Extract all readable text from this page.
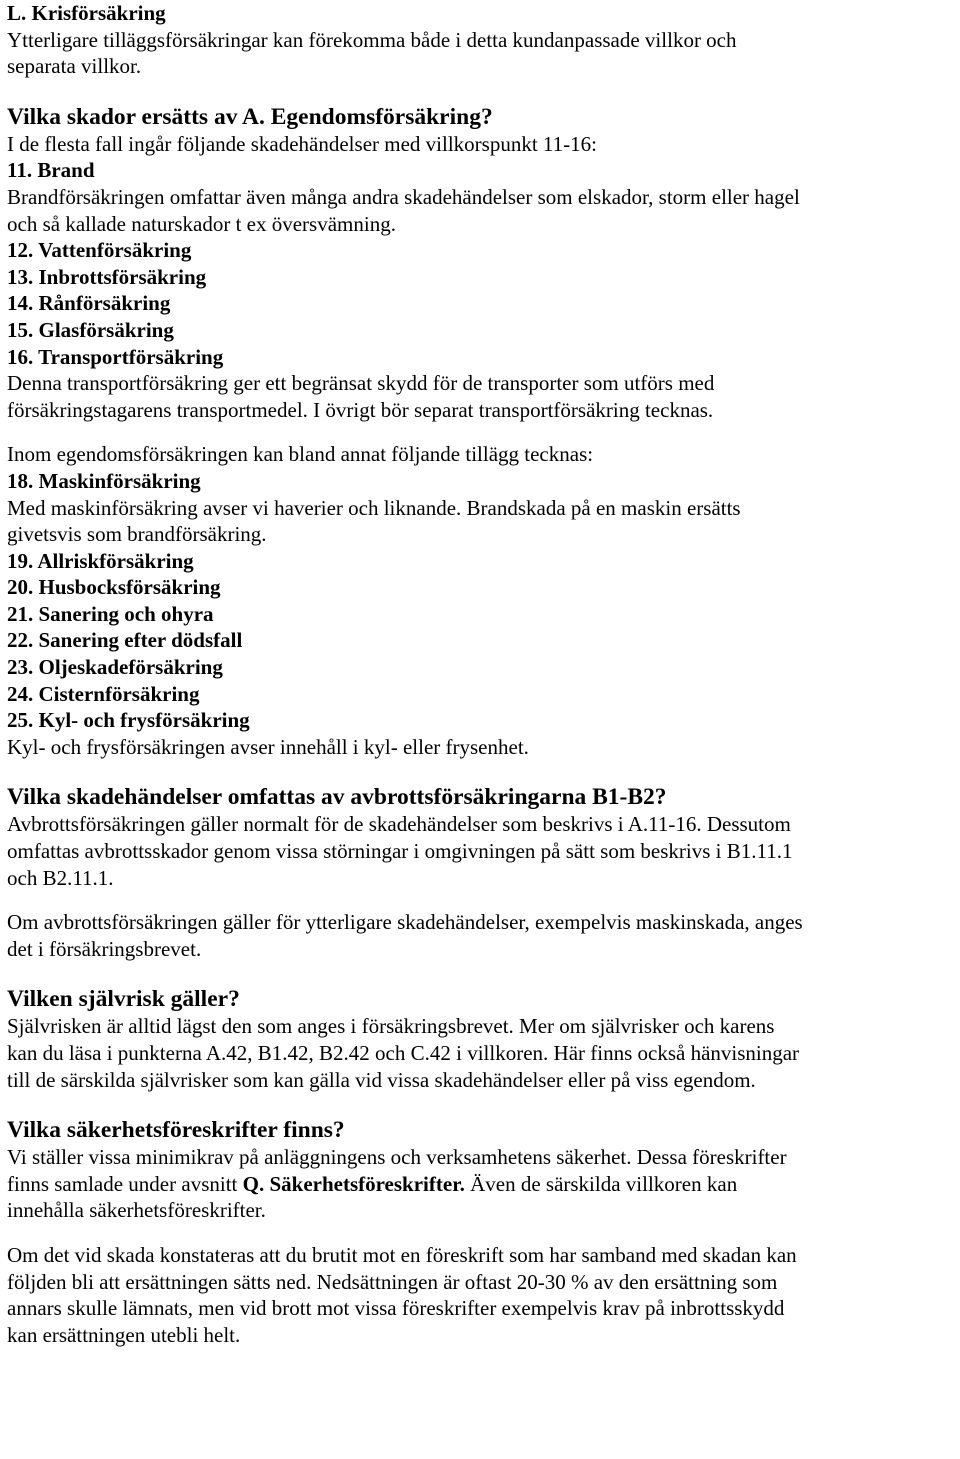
L. Krisförsäkring

Ytterligare tilläggsförsäkringar kan förekomma både i detta kundanpassade villkor och

separata villkor.

Vilka skador ersätts av A. Egendomsförsäkring?

I de flesta fall ingår följande skadehändelser med villkorspunkt 11-16:

11. Brand

Brandförsäkringen omfattar även många andra skadehändelser som elskador, storm eller hagel

och så kallade naturskador t ex översvämning.

12. Vattenförsäkring

13. Inbrottsförsäkring

14. Rånförsäkring

15. Glasförsäkring

16. Transportförsäkring

Denna transportförsäkring ger ett begränsat skydd för de transporter som utförs med

försäkringstagarens transportmedel. I övrigt bör separat transportförsäkring tecknas.

Inom egendomsförsäkringen kan bland annat följande tillägg tecknas:

18. Maskinförsäkring

Med maskinförsäkring avser vi haverier och liknande. Brandskada på en maskin ersätts

givetsvis som brandförsäkring.

19. Allriskförsäkring

20. Husbocksförsäkring

21. Sanering och ohyra

22. Sanering efter dödsfall

23. Oljeskadeförsäkring

24. Cisternförsäkring

25. Kyl- och frysförsäkring

Kyl- och frysförsäkringen avser innehåll i kyl- eller frysenhet.

Vilka skadehändelser omfattas av avbrottsförsäkringarna B1-B2?

Avbrottsförsäkringen gäller normalt för de skadehändelser som beskrivs i A.11-16. Dessutom

omfattas avbrottsskador genom vissa störningar i omgivningen på sätt som beskrivs i B1.11.1

och B2.11.1.

Om avbrottsförsäkringen gäller för ytterligare skadehändelser, exempelvis maskinskada, anges

det i försäkringsbrevet.

Vilken självrisk gäller?

Självrisken är alltid lägst den som anges i försäkringsbrevet. Mer om självrisker och karens

kan du läsa i punkterna A.42, B1.42, B2.42 och C.42 i villkoren. Här finns också hänvisningar

till de särskilda självrisker som kan gälla vid vissa skadehändelser eller på viss egendom.

Vilka säkerhetsföreskrifter finns?

Vi ställer vissa minimikrav på anläggningens och verksamhetens säkerhet. Dessa föreskrifter

finns samlade under avsnitt Q. Säkerhetsföreskrifter. Även de särskilda villkoren kan

innehålla säkerhetsföreskrifter.

Om det vid skada konstateras att du brutit mot en föreskrift som har samband med skadan kan

följden bli att ersättningen sätts ned. Nedsättningen är oftast 20-30 % av den ersättning som

annars skulle lämnats, men vid brott mot vissa föreskrifter exempelvis krav på inbrottsskydd

kan ersättningen utebli helt.
